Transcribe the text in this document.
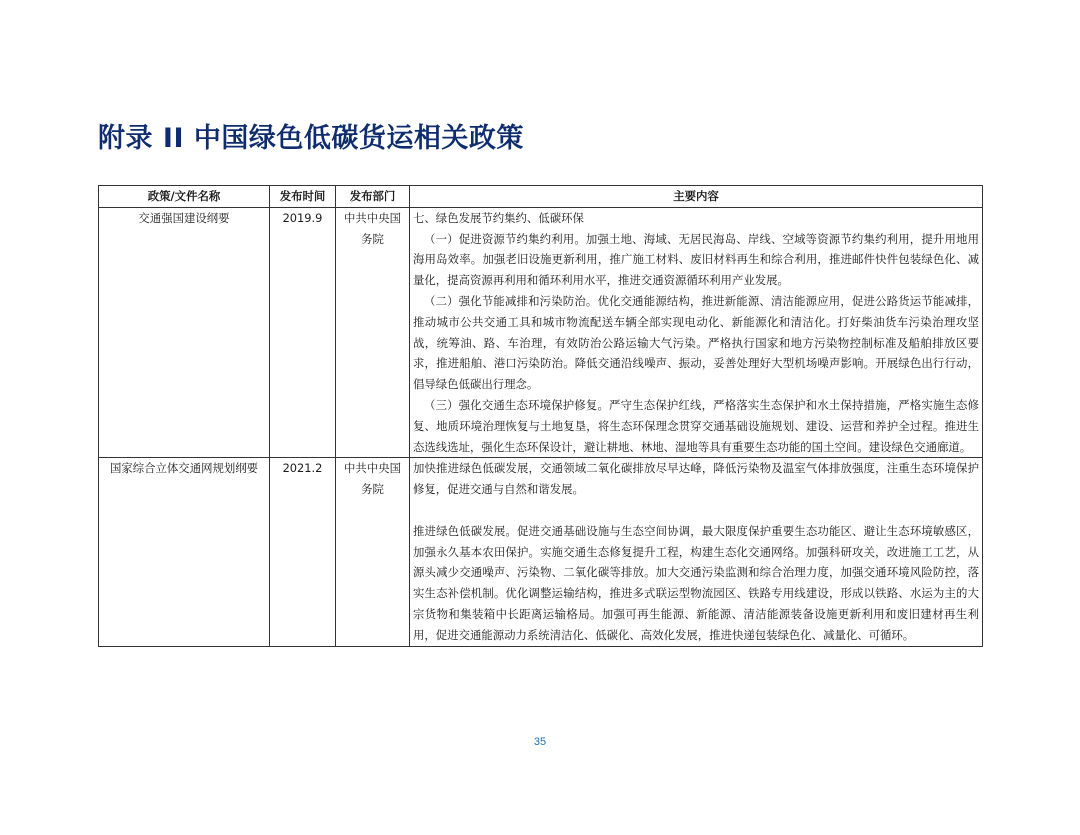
附录 II 中国绿色低碳货运相关政策
政策/文件名称	发布时间	发布部门	主要内容
交通强国建设纲要	2019.9	中共中央国务院	七、绿色发展节约集约、低碳环保

（一）促进资源节约集约利用。加强土地、海域、无居民海岛、岸线、空域等资源节约集约利用，提升用地用海用岛效率。加强老旧设施更新利用，推广施工材料、废旧材料再生和综合利用，推进邮件快件包装绿色化、减量化，提高资源再利用和循环利用水平，推进交通资源循环利用产业发展。

（二）强化节能减排和污染防治。优化交通能源结构，推进新能源、清洁能源应用，促进公路货运节能减排，推动城市公共交通工具和城市物流配送车辆全部实现电动化、新能源化和清洁化。打好柴油货车污染治理攻坚战，统筹油、路、车治理，有效防治公路运输大气污染。严格执行国家和地方污染物控制标准及船舶排放区要求，推进船舶、港口污染防治。降低交通沿线噪声、振动，妥善处理好大型机场噪声影响。开展绿色出行行动，倡导绿色低碳出行理念。

（三）强化交通生态环境保护修复。严守生态保护红线，严格落实生态保护和水土保持措施，严格实施生态修复、地质环境治理恢复与土地复垦，将生态环保理念贯穿交通基础设施规划、建设、运营和养护全过程。推进生态选线选址，强化生态环保设计，避让耕地、林地、湿地等具有重要生态功能的国土空间。建设绿色交通廊道。

国家综合立体交通网规划纲要	2021.2	中共中央国务院	加快推进绿色低碳发展，交通领域二氧化碳排放尽早达峰，降低污染物及温室气体排放强度，注重生态环境保护修复，促进交通与自然和谐发展。

推进绿色低碳发展。促进交通基础设施与生态空间协调，最大限度保护重要生态功能区、避让生态环境敏感区，加强永久基本农田保护。实施交通生态修复提升工程，构建生态化交通网络。加强科研攻关，改进施工工艺，从源头减少交通噪声、污染物、二氧化碳等排放。加大交通污染监测和综合治理力度，加强交通环境风险防控，落实生态补偿机制。优化调整运输结构，推进多式联运型物流园区、铁路专用线建设，形成以铁路、水运为主的大宗货物和集装箱中长距离运输格局。加强可再生能源、新能源、清洁能源装备设施更新利用和废旧建材再生利用，促进交通能源动力系统清洁化、低碳化、高效化发展，推进快递包装绿色化、减量化、可循环。

35
